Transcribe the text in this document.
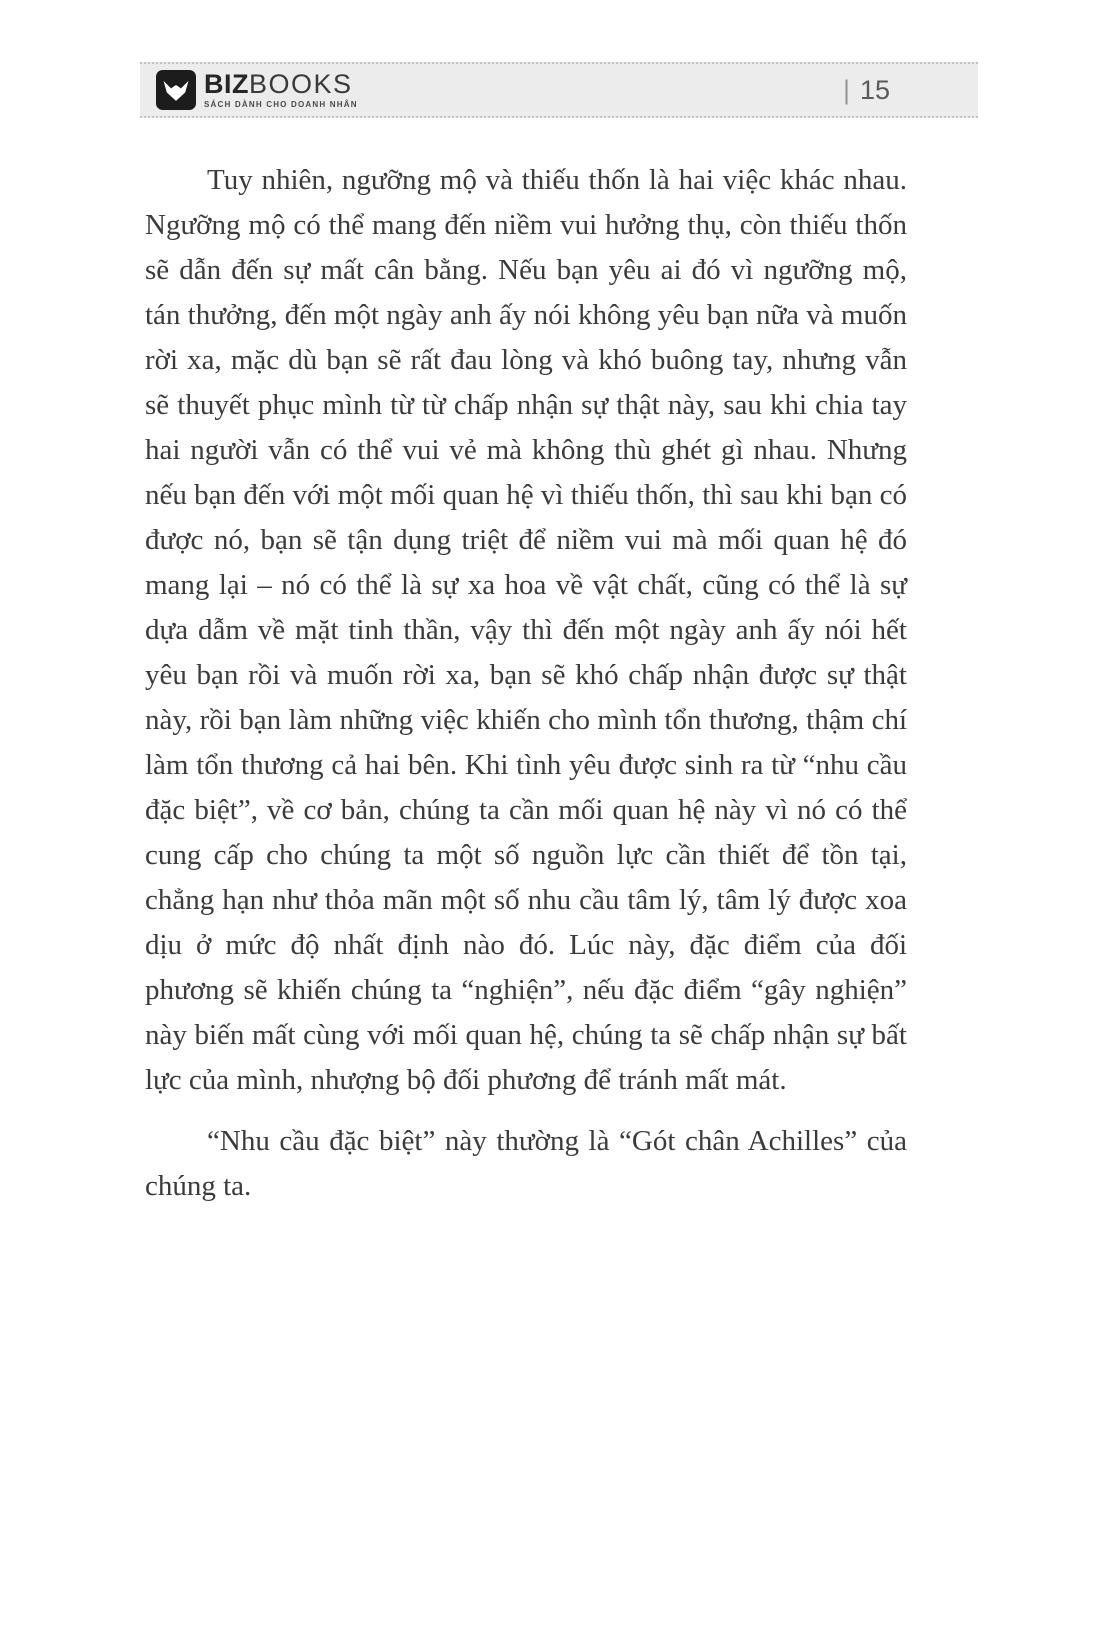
BIZBOOKS
SÁCH DÀNH CHO DOANH NHÂN	| 15

Tuy nhiên, ngưỡng mộ và thiếu thốn là hai việc khác nhau. Ngưỡng mộ có thể mang đến niềm vui hưởng thụ, còn thiếu thốn sẽ dẫn đến sự mất cân bằng. Nếu bạn yêu ai đó vì ngưỡng mộ, tán thưởng, đến một ngày anh ấy nói không yêu bạn nữa và muốn rời xa, mặc dù bạn sẽ rất đau lòng và khó buông tay, nhưng vẫn sẽ thuyết phục mình từ từ chấp nhận sự thật này, sau khi chia tay hai người vẫn có thể vui vẻ mà không thù ghét gì nhau. Nhưng nếu bạn đến với một mối quan hệ vì thiếu thốn, thì sau khi bạn có được nó, bạn sẽ tận dụng triệt để niềm vui mà mối quan hệ đó mang lại – nó có thể là sự xa hoa về vật chất, cũng có thể là sự dựa dẫm về mặt tinh thần, vậy thì đến một ngày anh ấy nói hết yêu bạn rồi và muốn rời xa, bạn sẽ khó chấp nhận được sự thật này, rồi bạn làm những việc khiến cho mình tổn thương, thậm chí làm tổn thương cả hai bên. Khi tình yêu được sinh ra từ “nhu cầu đặc biệt”, về cơ bản, chúng ta cần mối quan hệ này vì nó có thể cung cấp cho chúng ta một số nguồn lực cần thiết để tồn tại, chẳng hạn như thỏa mãn một số nhu cầu tâm lý, tâm lý được xoa dịu ở mức độ nhất định nào đó. Lúc này, đặc điểm của đối phương sẽ khiến chúng ta “nghiện”, nếu đặc điểm “gây nghiện” này biến mất cùng với mối quan hệ, chúng ta sẽ chấp nhận sự bất lực của mình, nhượng bộ đối phương để tránh mất mát.

“Nhu cầu đặc biệt” này thường là “Gót chân Achilles” của chúng ta.
